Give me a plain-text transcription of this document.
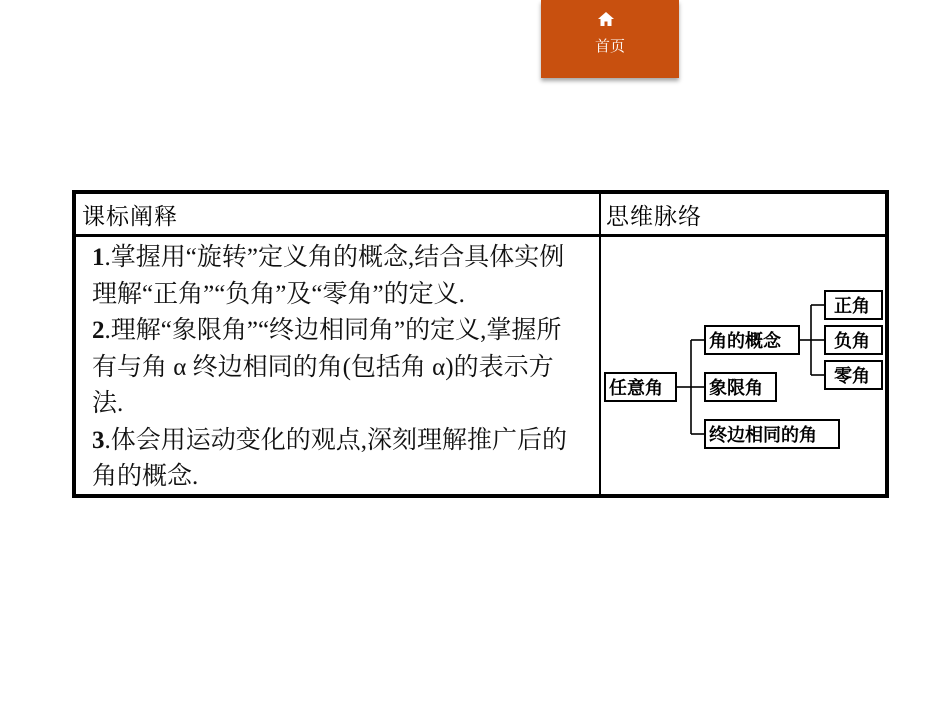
首页
课标阐释	思维脉络
1.掌握用“旋转”定义角的概念,结合具体实例理解“正角”“负角”及“零角”的定义.
2.理解“象限角”“终边相同角”的定义,掌握所有与角 α 终边相同的角(包括角 α)的表示方法.
3.体会用运动变化的观点,深刻理解推广后的角的概念.
任意角
角的概念
象限角
终边相同的角
正角
负角
零角
